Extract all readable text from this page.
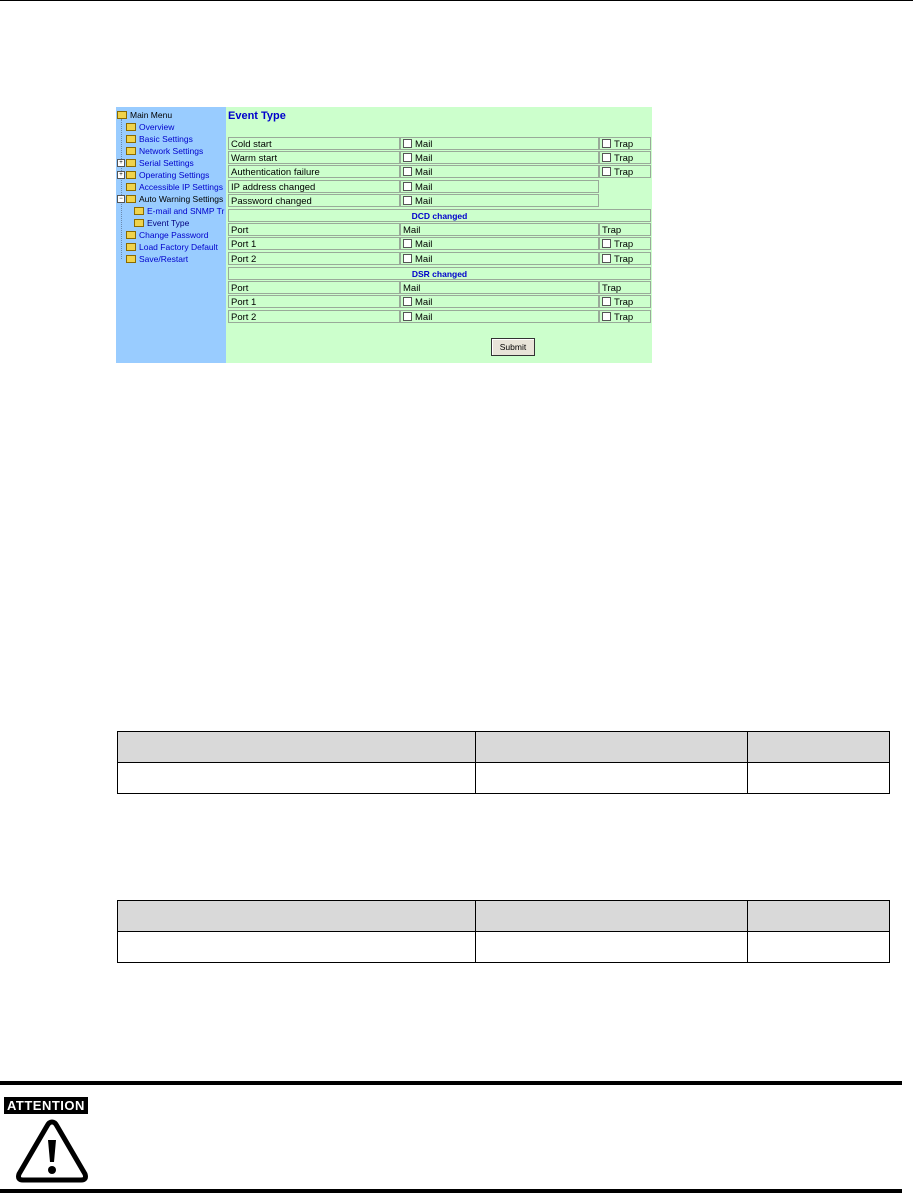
Main Menu
Overview
Basic Settings
Network Settings
+ Serial Settings
+ Operating Settings
Accessible IP Settings
− Auto Warning Settings
E-mail and SNMP Tr
Event Type
Change Password
Load Factory Default
Save/Restart
Event Type
Cold start	Mail	Trap
Warm start	Mail	Trap
Authentication failure	Mail	Trap
IP address changed	Mail
Password changed	Mail
DCD changed
Port	Mail	Trap
Port 1	Mail	Trap
Port 2	Mail	Trap
DSR changed
Port	Mail	Trap
Port 1	Mail	Trap
Port 2	Mail	Trap
Submit

ATTENTION
